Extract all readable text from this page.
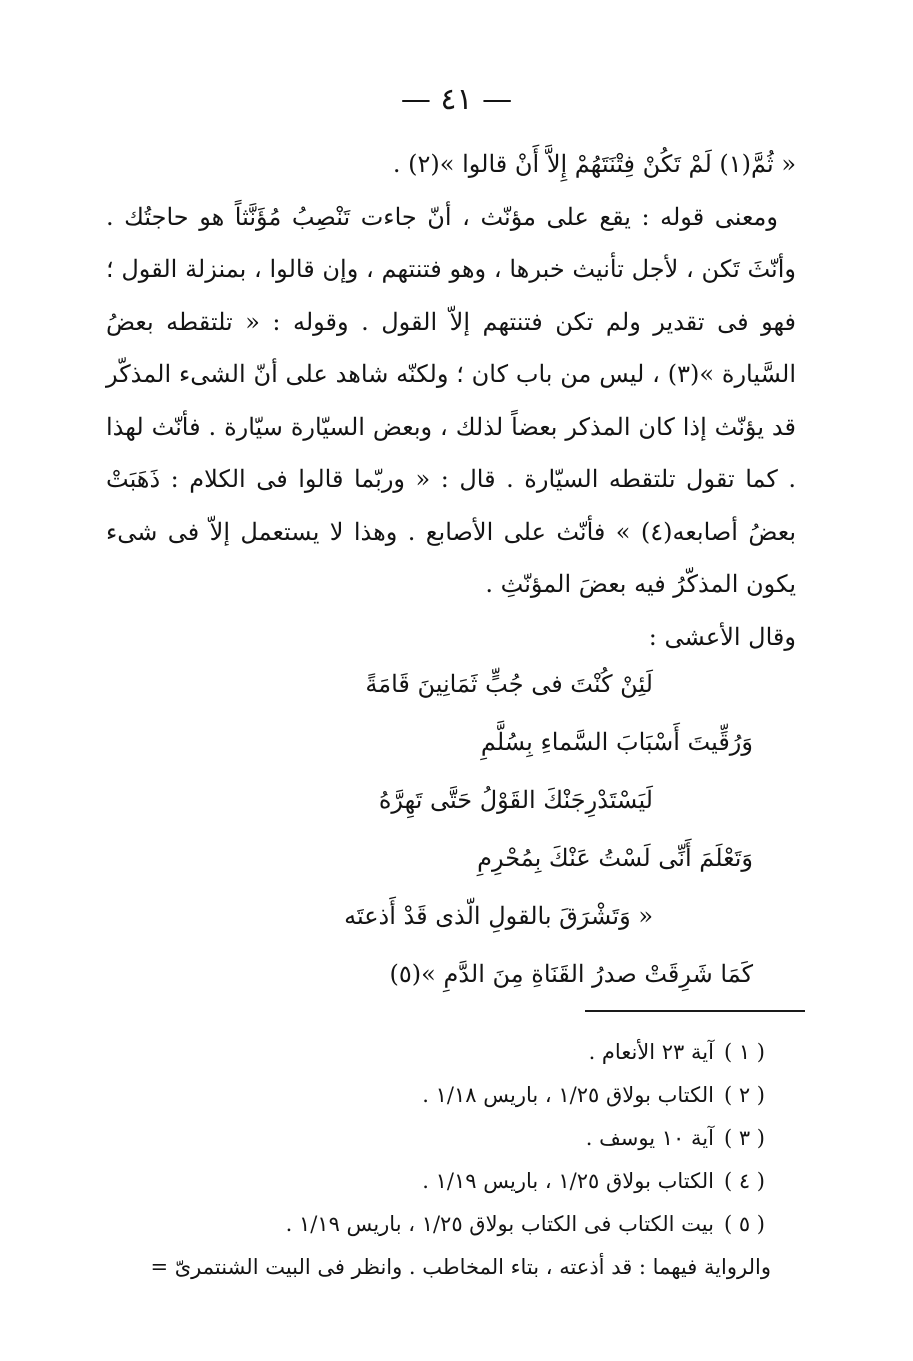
— ٤١ —

« ثُمَّ(١) لَمْ تَكُنْ فِتْنَتَهُمْ إِلاَّ أَنْ قالوا »(٢) .

ومعنى قوله : يقع على مؤنّث ، أنّ جاءت تَنْصِبُ مُؤَنَّثاً هو حاجتُك . وأنّثَ تَكن ، لأجل تأنيث خبرها ، وهو فتنتهم ، وإن قالوا ، بمنزلة القول ؛ فهو فى تقدير ولم تكن فتنتهم إلاّ القول . وقوله : « تلتقطه بعضُ السَّيارة »(٣) ، ليس من باب كان ؛ ولكنّه شاهد على أنّ الشىء المذكّر قد يؤنّث إذا كان المذكر بعضاً لذلك ، وبعض السيّارة سيّارة . فأنّث لهذا . كما تقول تلتقطه السيّارة . قال : « وربّما قالوا فى الكلام : ذَهَبَتْ بعضُ أصابعه(٤) » فأنّث على الأصابع . وهذا لا يستعمل إلاّ فى شىء يكون المذكّرُ فيه بعضَ المؤنّثِ .

وقال الأعشى :

لَئِنْ كُنْتَ فى جُبٍّ ثَمَانِينَ قَامَةً

وَرُقِّيتَ أَسْبَابَ السَّماءِ بِسُلَّمِ

لَيَسْتَدْرِجَنْكَ القَوْلُ حَتَّى تَهِرَّهُ

وَتَعْلَمَ أَنِّى لَسْتُ عَنْكَ بِمُحْرِمِ

« وَتَشْرَقَ بالقولِ الّذى قَدْ أَذعتَه

كَمَا شَرِقَتْ صدرُ القَنَاةِ مِنَ الدَّمِ »(٥)

( ١ )آية ٢٣ الأنعام .

( ٢ )الكتاب بولاق ١/٢٥ ، باريس ١/١٨ .

( ٣ )آية ١٠ يوسف .

( ٤ )الكتاب بولاق ١/٢٥ ، باريس ١/١٩ .

( ٥ )بيت الكتاب فى الكتاب بولاق ١/٢٥ ، باريس ١/١٩ .

والرواية فيهما : قد أذعته ، بتاء المخاطب . وانظر فى البيت الشنتمرىّ =
